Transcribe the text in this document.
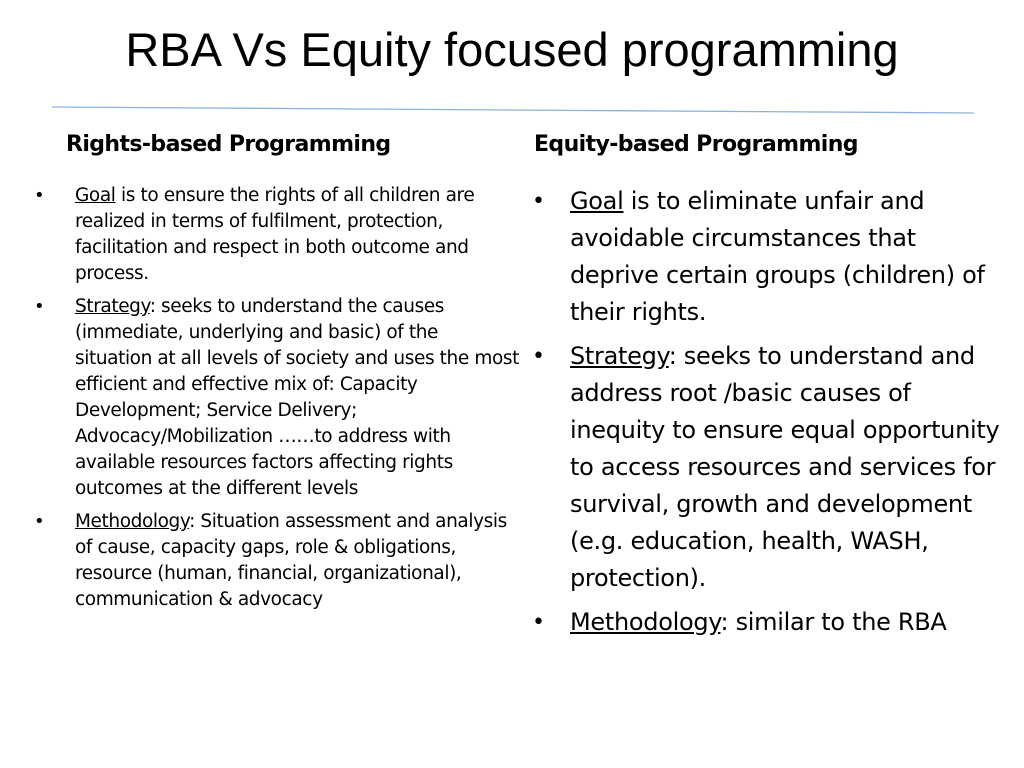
RBA Vs Equity focused programming
Rights-based Programming	Equity-based Programming
• Goal is to ensure the rights of all children are realized in terms of fulfilment, protection, facilitation and respect in both outcome and process.
• Strategy: seeks to understand the causes (immediate, underlying and basic) of the situation at all levels of society and uses the most efficient and effective mix of: Capacity Development; Service Delivery; Advocacy/Mobilization ……to address with available resources factors affecting rights outcomes at the different levels
• Methodology: Situation assessment and analysis of cause, capacity gaps, role & obligations, resource (human, financial, organizational), communication & advocacy
• Goal is to eliminate unfair and avoidable circumstances that deprive certain groups (children) of their rights.
• Strategy: seeks to understand and address root /basic causes of inequity to ensure equal opportunity to access resources and services for survival, growth and development (e.g. education, health, WASH, protection).
• Methodology: similar to the RBA
